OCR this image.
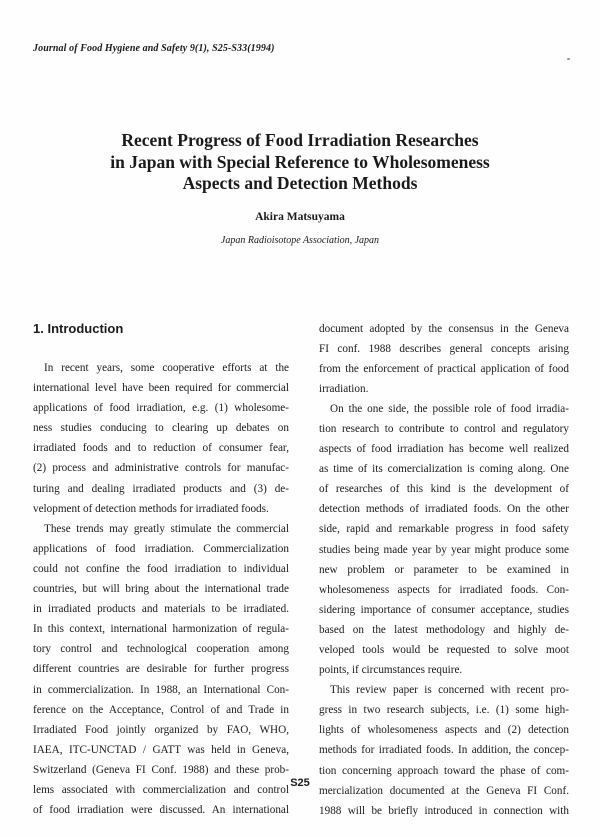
Journal of Food Hygiene and Safety 9(1), S25-S33(1994)
Recent Progress of Food Irradiation Researches
in Japan with Special Reference to Wholesomeness
Aspects and Detection Methods
Akira Matsuyama
Japan Radioisotope Association, Japan
1. Introduction
In recent years, some cooperative efforts at the
international level have been required for commercial
applications of food irradiation, e.g. (1) wholesome-
ness studies conducing to clearing up debates on
irradiated foods and to reduction of consumer fear,
(2) process and administrative controls for manufac-
turing and dealing irradiated products and (3) de-
velopment of detection methods for irradiated foods.
These trends may greatly stimulate the commercial
applications of food irradiation. Commercialization
could not confine the food irradiation to individual
countries, but will bring about the international trade
in irradiated products and materials to be irradiated.
In this context, international harmonization of regula-
tory control and technological cooperation among
different countries are desirable for further progress
in commercialization. In 1988, an International Con-
ference on the Acceptance, Control of and Trade in
Irradiated Food jointly organized by FAO, WHO,
IAEA, ITC-UNCTAD / GATT was held in Geneva,
Switzerland (Geneva FI Conf. 1988) and these prob-
lems associated with commercialization and control
of food irradiation were discussed. An international
document adopted by the consensus in the Geneva
FI conf. 1988 describes general concepts arising
from the enforcement of practical application of food
irradiation.
On the one side, the possible role of food irradia-
tion research to contribute to control and regulatory
aspects of food irradiation has become well realized
as time of its comercialization is coming along. One
of researches of this kind is the development of
detection methods of irradiated foods. On the other
side, rapid and remarkable progress in food safety
studies being made year by year might produce some
new problem or parameter to be examined in
wholesomeness aspects for irradiated foods. Con-
sidering importance of consumer acceptance, studies
based on the latest methodology and highly de-
veloped tools would be requested to solve moot
points, if circumstances require.
This review paper is concerned with recent pro-
gress in two research subjects, i.e. (1) some high-
lights of wholesomeness aspects and (2) detection
methods for irradiated foods. In addition, the concep-
tion concerning approach toward the phase of com-
mercialization documented at the Geneva FI Conf.
1988 will be briefly introduced in connection with
S25
